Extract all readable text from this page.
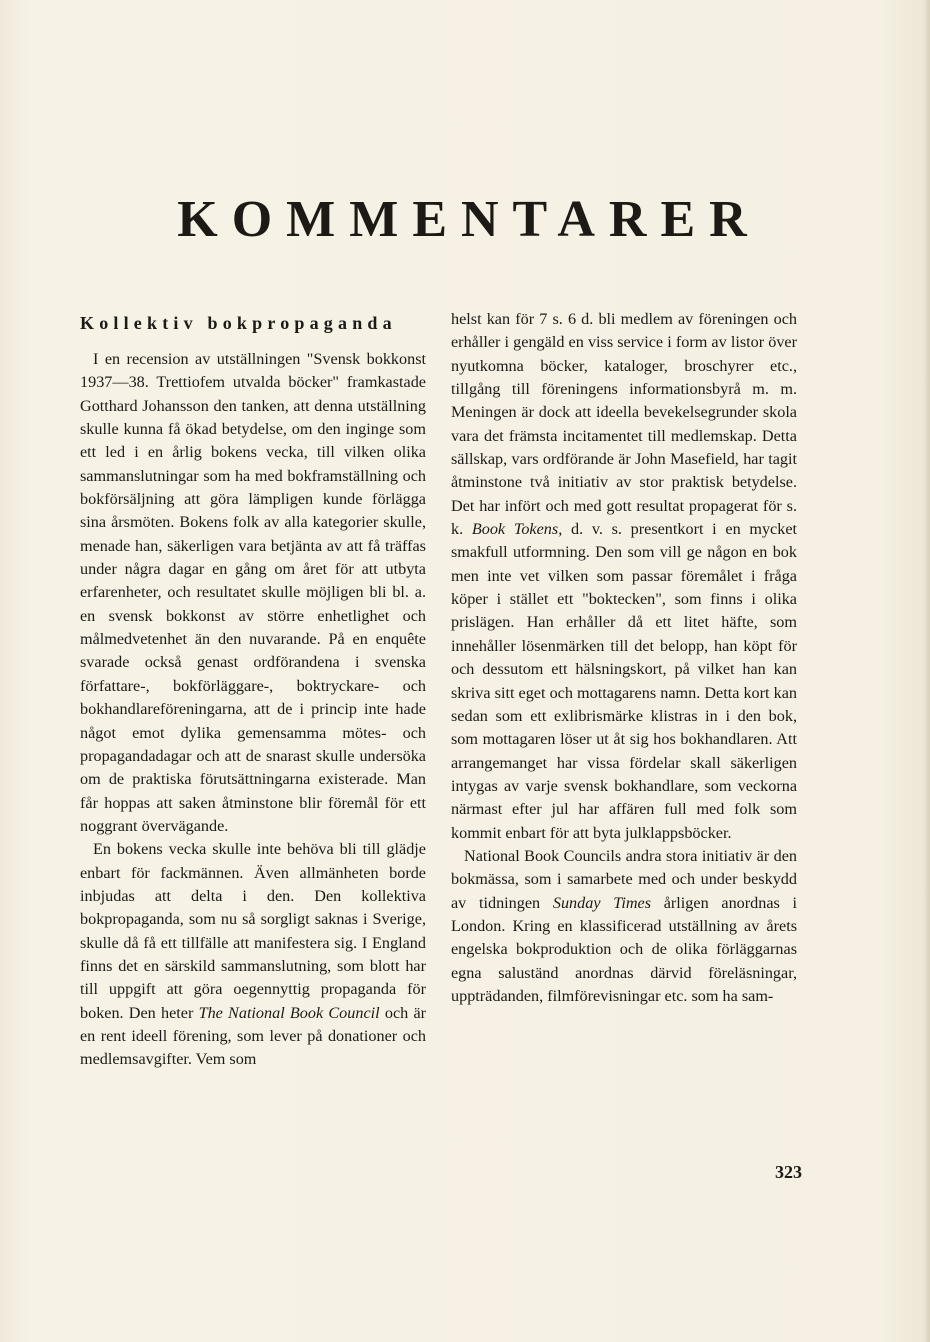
KOMMENTARER
Kollektiv bokpropaganda

I en recension av utställningen "Svensk bokkonst 1937—38. Trettiofem utvalda böcker" framkastade Gotthard Johansson den tanken, att denna utställning skulle kunna få ökad betydelse, om den inginge som ett led i en årlig bokens vecka, till vilken olika sammanslutningar som ha med bokframställning och bokförsäljning att göra lämpligen kunde förlägga sina årsmöten. Bokens folk av alla kategorier skulle, menade han, säkerligen vara betjänta av att få träffas under några dagar en gång om året för att utbyta erfarenheter, och resultatet skulle möjligen bli bl. a. en svensk bokkonst av större enhetlighet och målmedvetenhet än den nuvarande. På en enquête svarade också genast ordförandena i svenska författare-, bokförläggare-, boktryckare- och bokhandlareföreningarna, att de i princip inte hade något emot dylika gemensamma mötes- och propagandadagar och att de snarast skulle undersöka om de praktiska förutsättningarna existerade. Man får hoppas att saken åtminstone blir föremål för ett noggrant övervägande.

En bokens vecka skulle inte behöva bli till glädje enbart för fackmännen. Även allmänheten borde inbjudas att delta i den. Den kollektiva bokpropaganda, som nu så sorgligt saknas i Sverige, skulle då få ett tillfälle att manifestera sig. I England finns det en särskild sammanslutning, som blott har till uppgift att göra oegennyttig propaganda för boken. Den heter The National Book Council och är en rent ideell förening, som lever på donationer och medlemsavgifter. Vem som

helst kan för 7 s. 6 d. bli medlem av föreningen och erhåller i gengäld en viss service i form av listor över nyutkomna böcker, kataloger, broschyrer etc., tillgång till föreningens informationsbyrå m. m. Meningen är dock att ideella bevekelsegrunder skola vara det främsta incitamentet till medlemskap. Detta sällskap, vars ordförande är John Masefield, har tagit åtminstone två initiativ av stor praktisk betydelse. Det har infört och med gott resultat propagerat för s. k. Book Tokens, d. v. s. presentkort i en mycket smakfull utformning. Den som vill ge någon en bok men inte vet vilken som passar föremålet i fråga köper i stället ett "boktecken", som finns i olika prislägen. Han erhåller då ett litet häfte, som innehåller lösenmärken till det belopp, han köpt för och dessutom ett hälsningskort, på vilket han kan skriva sitt eget och mottagarens namn. Detta kort kan sedan som ett exlibrismärke klistras in i den bok, som mottagaren löser ut åt sig hos bokhandlaren. Att arrangemanget har vissa fördelar skall säkerligen intygas av varje svensk bokhandlare, som veckorna närmast efter jul har affären full med folk som kommit enbart för att byta julklappsböcker.

National Book Councils andra stora initiativ är den bokmässa, som i samarbete med och under beskydd av tidningen Sunday Times årligen anordnas i London. Kring en klassificerad utställning av årets engelska bokproduktion och de olika förläggarnas egna saluständ anordnas därvid föreläsningar, uppträdanden, filmförevisningar etc. som ha sam-

323
